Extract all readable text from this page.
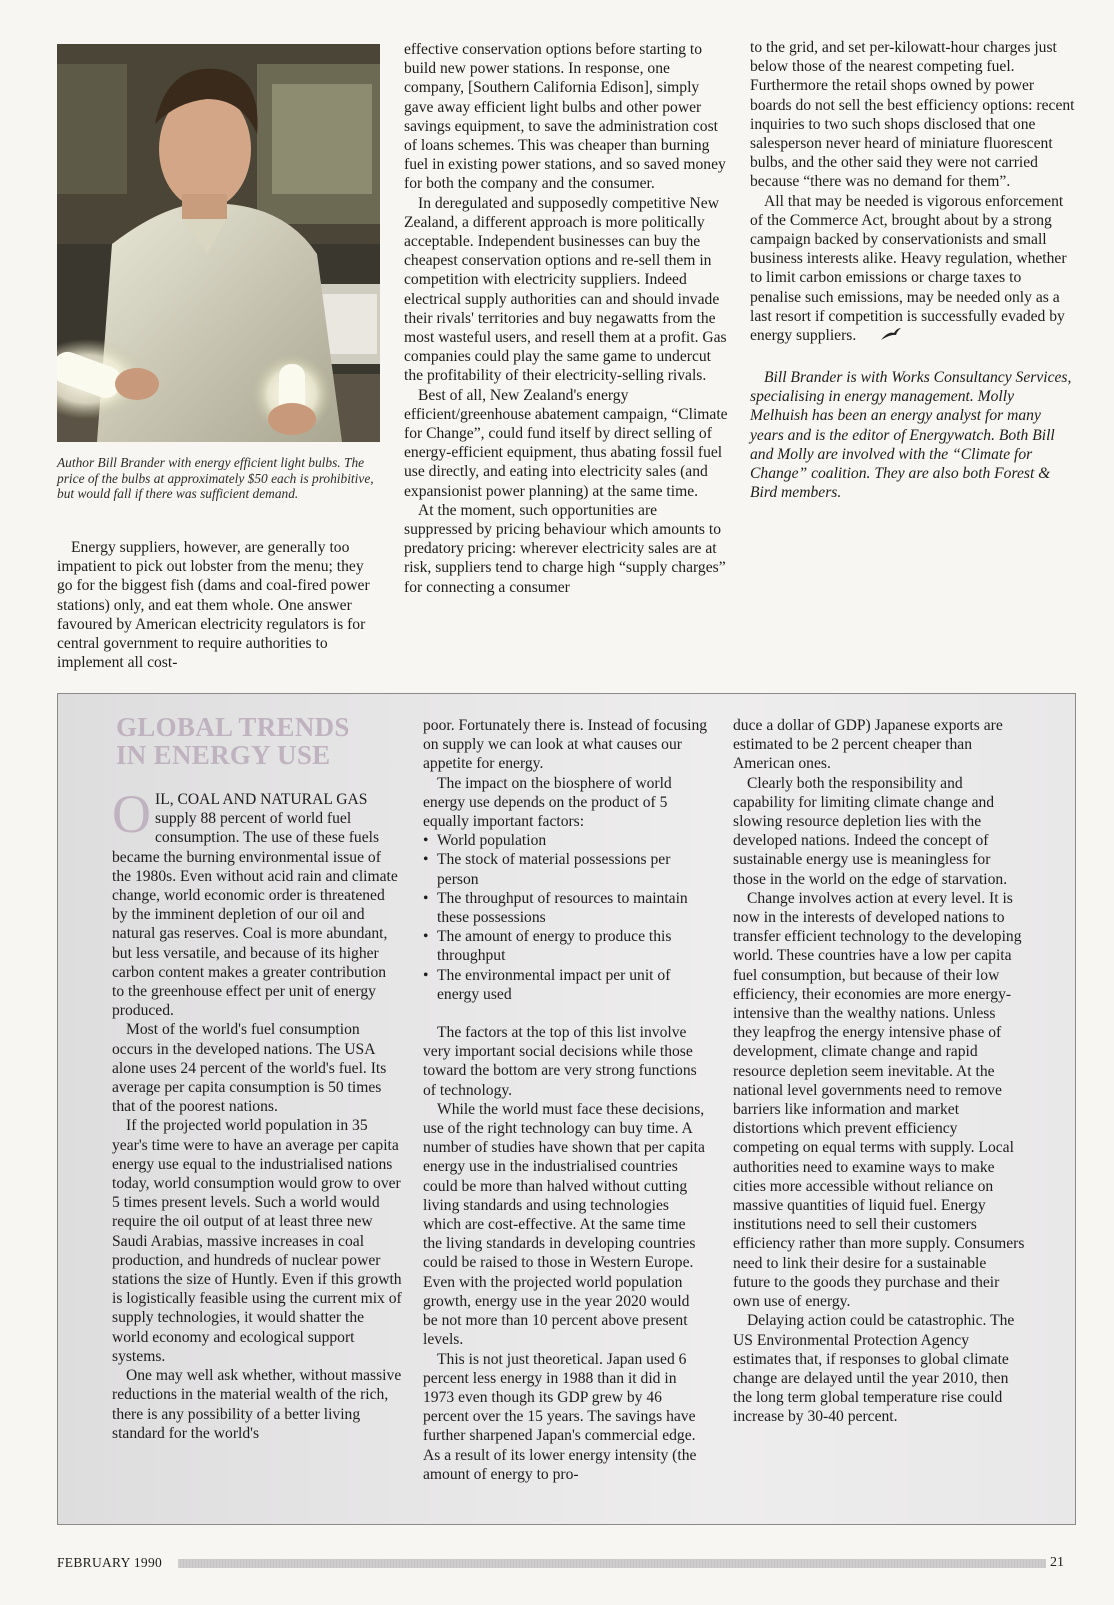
Author Bill Brander with energy efficient light bulbs. The price of the bulbs at approximately $50 each is prohibitive, but would fall if there was sufficient demand.

Energy suppliers, however, are generally too impatient to pick out lobster from the menu; they go for the biggest fish (dams and coal-fired power stations) only, and eat them whole. One answer favoured by American electricity regulators is for central government to require authorities to implement all cost-

effective conservation options before starting to build new power stations. In response, one company, [Southern California Edison], simply gave away efficient light bulbs and other power savings equipment, to save the administration cost of loans schemes. This was cheaper than burning fuel in existing power stations, and so saved money for both the company and the consumer.

In deregulated and supposedly competitive New Zealand, a different approach is more politically acceptable. Independent businesses can buy the cheapest conservation options and re-sell them in competition with electricity suppliers. Indeed electrical supply authorities can and should invade their rivals' territories and buy negawatts from the most wasteful users, and resell them at a profit. Gas companies could play the same game to undercut the profitability of their electricity-selling rivals.

Best of all, New Zealand's energy efficient/greenhouse abatement campaign, “Climate for Change”, could fund itself by direct selling of energy-efficient equipment, thus abating fossil fuel use directly, and eating into electricity sales (and expansionist power planning) at the same time.

At the moment, such opportunities are suppressed by pricing behaviour which amounts to predatory pricing: wherever electricity sales are at risk, suppliers tend to charge high “supply charges” for connecting a consumer

to the grid, and set per-kilowatt-hour charges just below those of the nearest competing fuel. Furthermore the retail shops owned by power boards do not sell the best efficiency options: recent inquiries to two such shops disclosed that one salesperson never heard of miniature fluorescent bulbs, and the other said they were not carried because “there was no demand for them”.

All that may be needed is vigorous enforcement of the Commerce Act, brought about by a strong campaign backed by conservationists and small business interests alike. Heavy regulation, whether to limit carbon emissions or charge taxes to penalise such emissions, may be needed only as a last resort if competition is successfully evaded by energy suppliers.

Bill Brander is with Works Consultancy Services, specialising in energy management. Molly Melhuish has been an energy analyst for many years and is the editor of Energywatch. Both Bill and Molly are involved with the “Climate for Change” coalition. They are also both Forest & Bird members.

GLOBAL TRENDS
IN ENERGY USE

OIL, COAL AND NATURAL GAS supply 88 percent of world fuel consumption. The use of these fuels became the burning environmental issue of the 1980s. Even without acid rain and climate change, world economic order is threatened by the imminent depletion of our oil and natural gas reserves. Coal is more abundant, but less versatile, and because of its higher carbon content makes a greater contribution to the greenhouse effect per unit of energy produced.

Most of the world's fuel consumption occurs in the developed nations. The USA alone uses 24 percent of the world's fuel. Its average per capita consumption is 50 times that of the poorest nations.

If the projected world population in 35 year's time were to have an average per capita energy use equal to the industrialised nations today, world consumption would grow to over 5 times present levels. Such a world would require the oil output of at least three new Saudi Arabias, massive increases in coal production, and hundreds of nuclear power stations the size of Huntly. Even if this growth is logistically feasible using the current mix of supply technologies, it would shatter the world economy and ecological support systems.

One may well ask whether, without massive reductions in the material wealth of the rich, there is any possibility of a better living standard for the world's

poor. Fortunately there is. Instead of focusing on supply we can look at what causes our appetite for energy.

The impact on the biosphere of world energy use depends on the product of 5 equally important factors:

• World population
• The stock of material possessions per person
• The throughput of resources to maintain these possessions
• The amount of energy to produce this throughput
• The environmental impact per unit of energy used

The factors at the top of this list involve very important social decisions while those toward the bottom are very strong functions of technology.

While the world must face these decisions, use of the right technology can buy time. A number of studies have shown that per capita energy use in the industrialised countries could be more than halved without cutting living standards and using technologies which are cost-effective. At the same time the living standards in developing countries could be raised to those in Western Europe. Even with the projected world population growth, energy use in the year 2020 would be not more than 10 percent above present levels.

This is not just theoretical. Japan used 6 percent less energy in 1988 than it did in 1973 even though its GDP grew by 46 percent over the 15 years. The savings have further sharpened Japan's commercial edge. As a result of its lower energy intensity (the amount of energy to pro-

duce a dollar of GDP) Japanese exports are estimated to be 2 percent cheaper than American ones.

Clearly both the responsibility and capability for limiting climate change and slowing resource depletion lies with the developed nations. Indeed the concept of sustainable energy use is meaningless for those in the world on the edge of starvation.

Change involves action at every level. It is now in the interests of developed nations to transfer efficient technology to the developing world. These countries have a low per capita fuel consumption, but because of their low efficiency, their economies are more energy-intensive than the wealthy nations. Unless they leapfrog the energy intensive phase of development, climate change and rapid resource depletion seem inevitable. At the national level governments need to remove barriers like information and market distortions which prevent efficiency competing on equal terms with supply. Local authorities need to examine ways to make cities more accessible without reliance on massive quantities of liquid fuel. Energy institutions need to sell their customers efficiency rather than more supply. Consumers need to link their desire for a sustainable future to the goods they purchase and their own use of energy.

Delaying action could be catastrophic. The US Environmental Protection Agency estimates that, if responses to global climate change are delayed until the year 2010, then the long term global temperature rise could increase by 30-40 percent.

FEBRUARY 1990	21
